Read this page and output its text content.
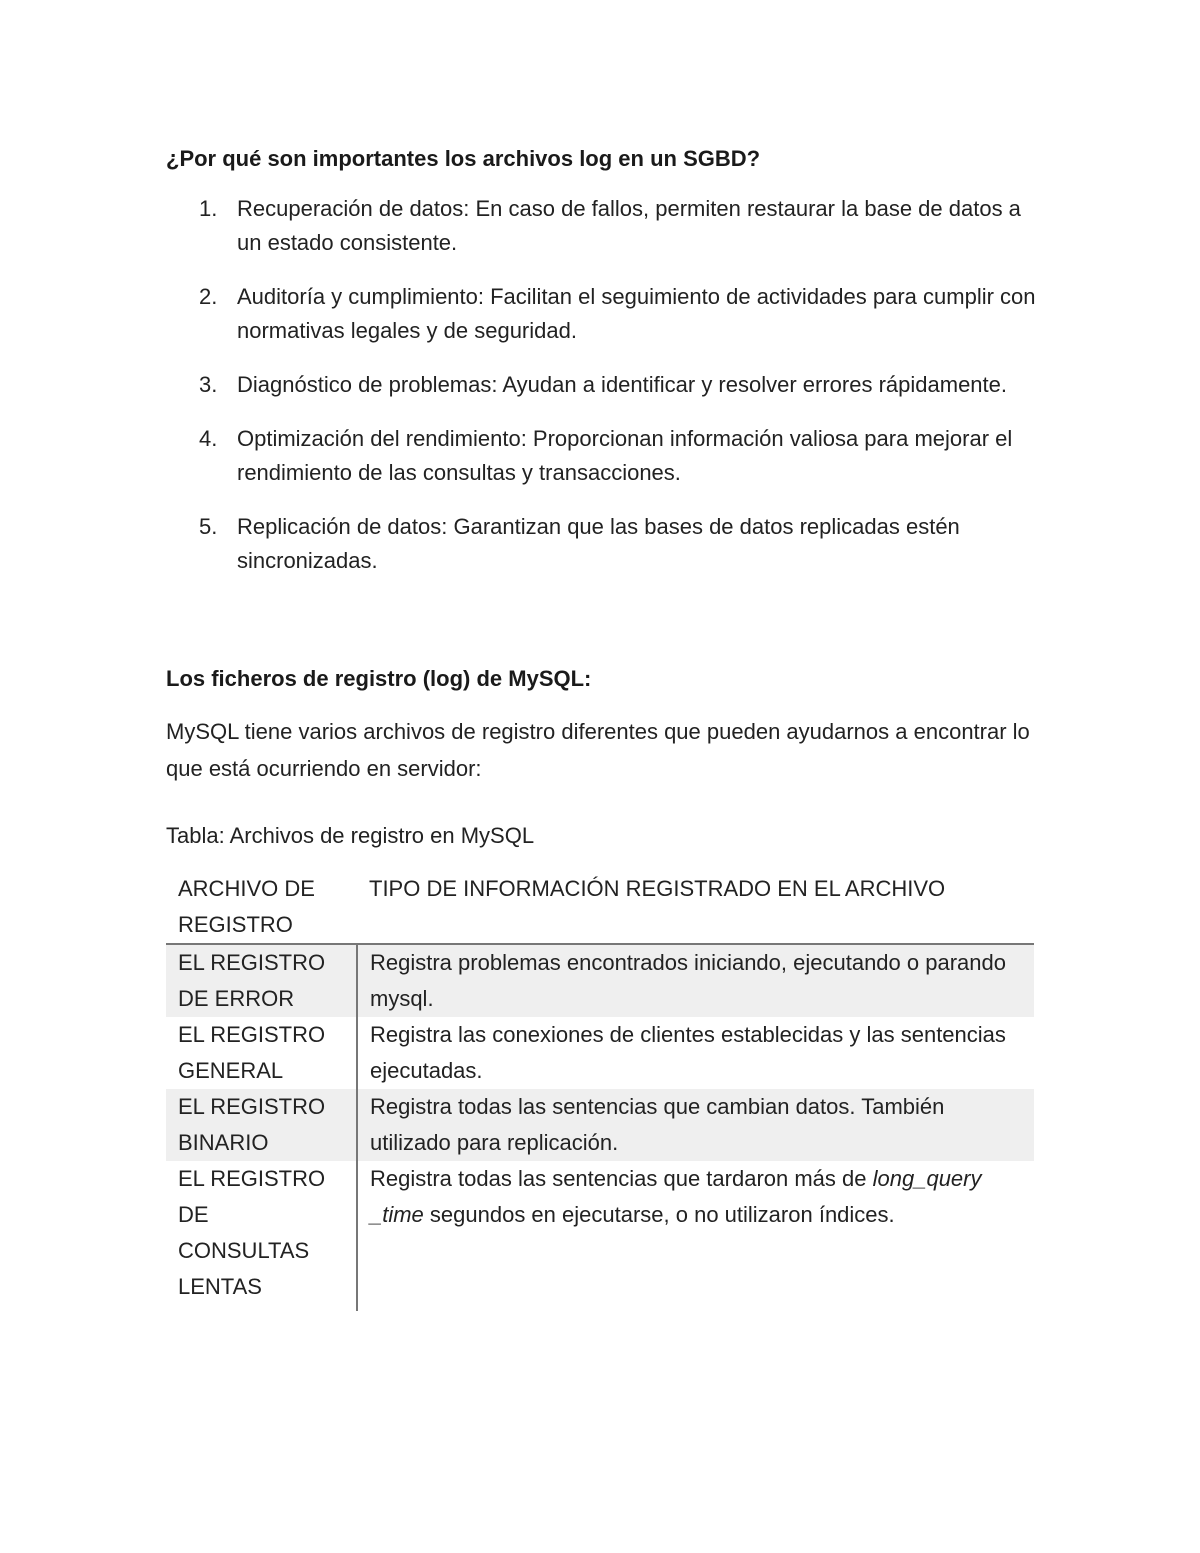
¿Por qué son importantes los archivos log en un SGBD?
1. Recuperación de datos: En caso de fallos, permiten restaurar la base de datos a un estado consistente.
2. Auditoría y cumplimiento: Facilitan el seguimiento de actividades para cumplir con normativas legales y de seguridad.
3. Diagnóstico de problemas: Ayudan a identificar y resolver errores rápidamente.
4. Optimización del rendimiento: Proporcionan información valiosa para mejorar el rendimiento de las consultas y transacciones.
5. Replicación de datos: Garantizan que las bases de datos replicadas estén sincronizadas.
Los ficheros de registro (log) de MySQL:

MySQL tiene varios archivos de registro diferentes que pueden ayudarnos a encontrar lo que está ocurriendo en servidor:

Tabla: Archivos de registro en MySQL

ARCHIVO DE REGISTRO	TIPO DE INFORMACIÓN REGISTRADO EN EL ARCHIVO
EL REGISTRO DE ERROR	Registra problemas encontrados iniciando, ejecutando o parando mysql.
EL REGISTRO GENERAL	Registra las conexiones de clientes establecidas y las sentencias ejecutadas.
EL REGISTRO BINARIO	Registra todas las sentencias que cambian datos. También utilizado para replicación.
EL REGISTRO DE CONSULTAS LENTAS	Registra todas las sentencias que tardaron más de long_query _time segundos en ejecutarse, o no utilizaron índices.
